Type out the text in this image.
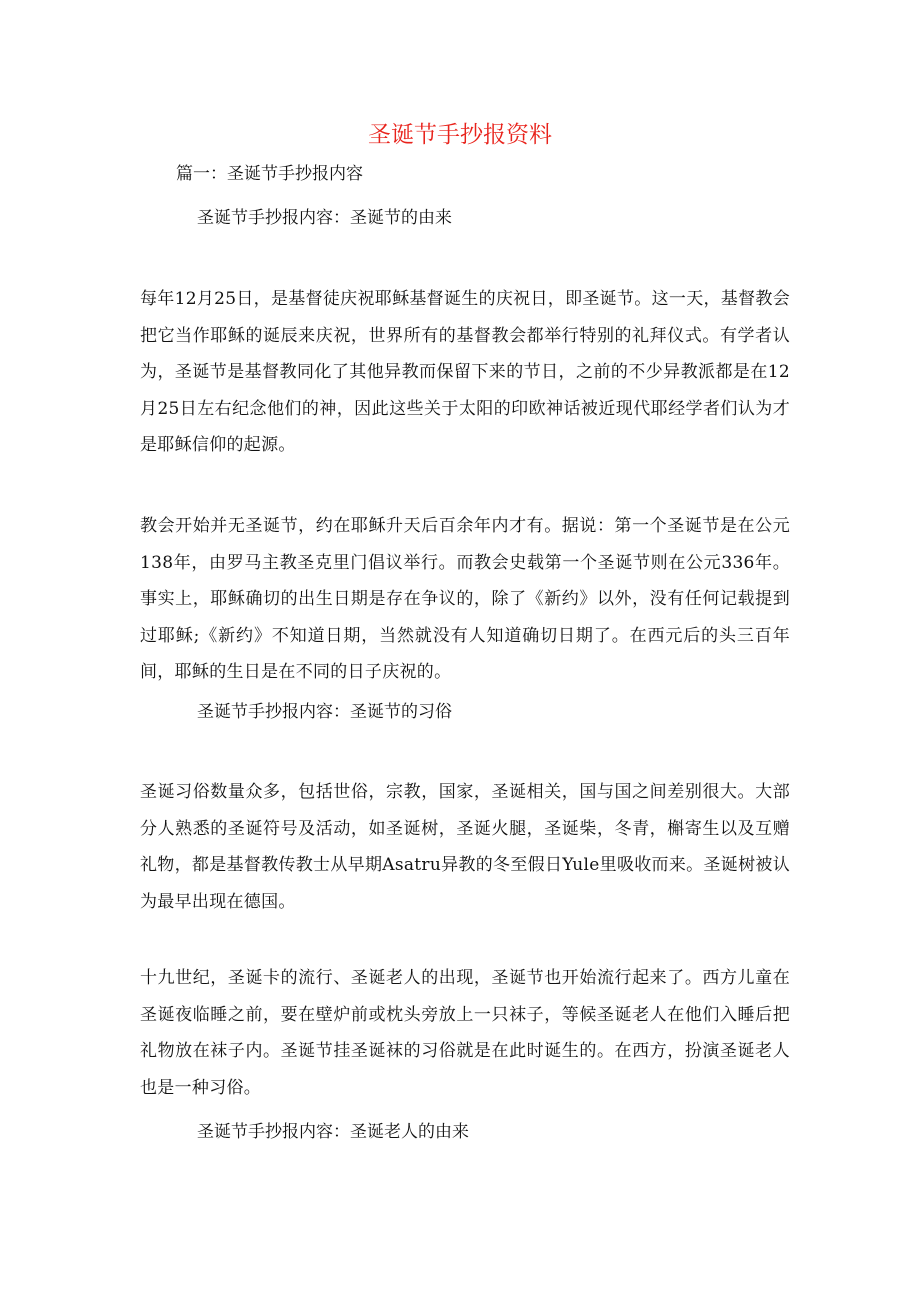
圣诞节手抄报资料

篇一：圣诞节手抄报内容

圣诞节手抄报内容：圣诞节的由来

每年12月25日，是基督徒庆祝耶稣基督诞生的庆祝日，即圣诞节。这一天，基督教会把它当作耶稣的诞辰来庆祝，世界所有的基督教会都举行特别的礼拜仪式。有学者认为，圣诞节是基督教同化了其他异教而保留下来的节日，之前的不少异教派都是在12月25日左右纪念他们的神，因此这些关于太阳的印欧神话被近现代耶经学者们认为才是耶稣信仰的起源。

教会开始并无圣诞节，约在耶稣升天后百余年内才有。据说：第一个圣诞节是在公元138年，由罗马主教圣克里门倡议举行。而教会史载第一个圣诞节则在公元336年。事实上，耶稣确切的出生日期是存在争议的，除了《新约》以外，没有任何记载提到过耶稣;《新约》不知道日期，当然就没有人知道确切日期了。在西元后的头三百年间，耶稣的生日是在不同的日子庆祝的。

圣诞节手抄报内容：圣诞节的习俗

圣诞习俗数量众多，包括世俗，宗教，国家，圣诞相关，国与国之间差别很大。大部分人熟悉的圣诞符号及活动，如圣诞树，圣诞火腿，圣诞柴，冬青，槲寄生以及互赠礼物，都是基督教传教士从早期Asatru异教的冬至假日Yule里吸收而来。圣诞树被认为最早出现在德国。

十九世纪，圣诞卡的流行、圣诞老人的出现，圣诞节也开始流行起来了。西方儿童在圣诞夜临睡之前，要在壁炉前或枕头旁放上一只袜子，等候圣诞老人在他们入睡后把礼物放在袜子内。圣诞节挂圣诞袜的习俗就是在此时诞生的。在西方，扮演圣诞老人也是一种习俗。

圣诞节手抄报内容：圣诞老人的由来
